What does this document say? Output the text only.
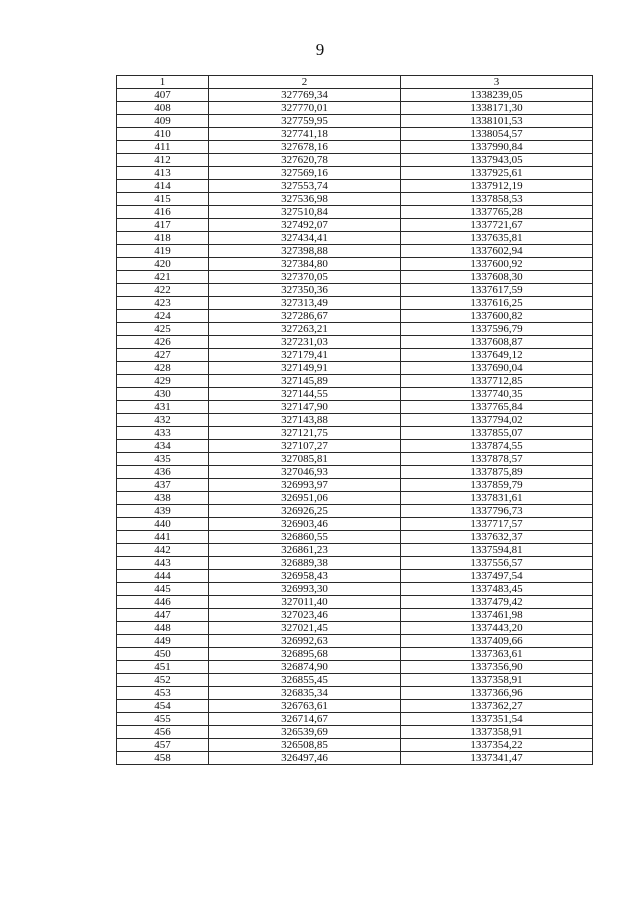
9
1	2	3
407	327769,34	1338239,05
408	327770,01	1338171,30
409	327759,95	1338101,53
410	327741,18	1338054,57
411	327678,16	1337990,84
412	327620,78	1337943,05
413	327569,16	1337925,61
414	327553,74	1337912,19
415	327536,98	1337858,53
416	327510,84	1337765,28
417	327492,07	1337721,67
418	327434,41	1337635,81
419	327398,88	1337602,94
420	327384,80	1337600,92
421	327370,05	1337608,30
422	327350,36	1337617,59
423	327313,49	1337616,25
424	327286,67	1337600,82
425	327263,21	1337596,79
426	327231,03	1337608,87
427	327179,41	1337649,12
428	327149,91	1337690,04
429	327145,89	1337712,85
430	327144,55	1337740,35
431	327147,90	1337765,84
432	327143,88	1337794,02
433	327121,75	1337855,07
434	327107,27	1337874,55
435	327085,81	1337878,57
436	327046,93	1337875,89
437	326993,97	1337859,79
438	326951,06	1337831,61
439	326926,25	1337796,73
440	326903,46	1337717,57
441	326860,55	1337632,37
442	326861,23	1337594,81
443	326889,38	1337556,57
444	326958,43	1337497,54
445	326993,30	1337483,45
446	327011,40	1337479,42
447	327023,46	1337461,98
448	327021,45	1337443,20
449	326992,63	1337409,66
450	326895,68	1337363,61
451	326874,90	1337356,90
452	326855,45	1337358,91
453	326835,34	1337366,96
454	326763,61	1337362,27
455	326714,67	1337351,54
456	326539,69	1337358,91
457	326508,85	1337354,22
458	326497,46	1337341,47
